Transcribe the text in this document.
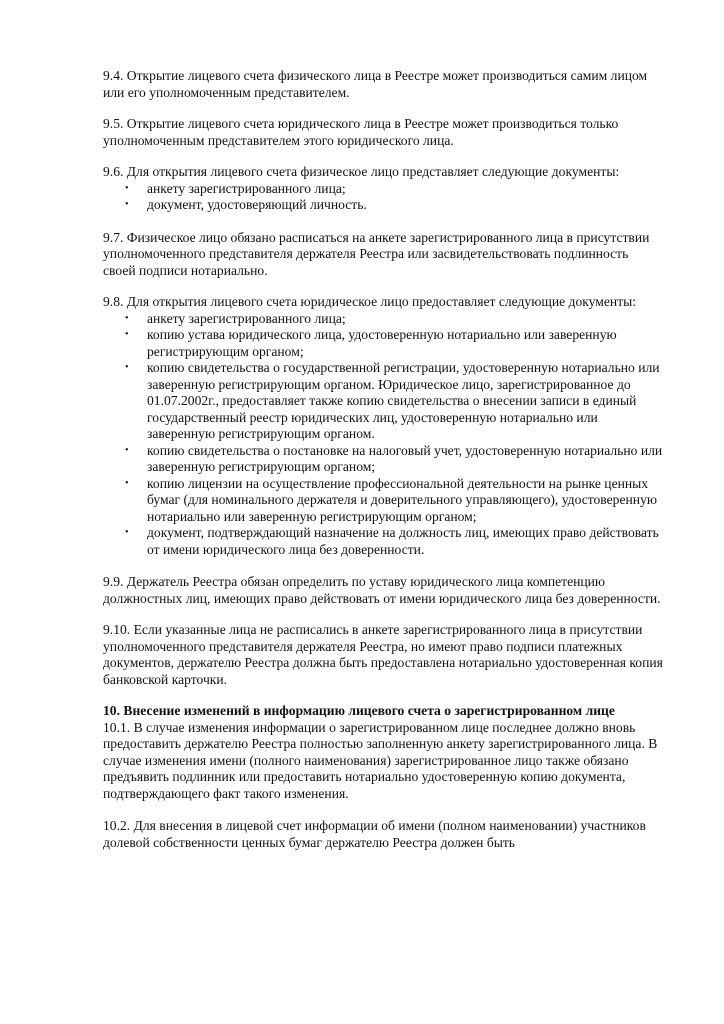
9.4. Открытие лицевого счета физического лица в Реестре может производиться самим лицом или его уполномоченным представителем.

9.5. Открытие лицевого счета юридического лица в Реестре может производиться только уполномоченным представителем этого юридического лица.

9.6. Для открытия лицевого счета физическое лицо представляет следующие документы:
• анкету зарегистрированного лица;
• документ, удостоверяющий личность.

9.7. Физическое лицо обязано расписаться на анкете зарегистрированного лица в присутствии уполномоченного представителя держателя Реестра или засвидетельствовать подлинность своей подписи нотариально.

9.8. Для открытия лицевого счета юридическое лицо предоставляет следующие документы:
• анкету зарегистрированного лица;
• копию устава юридического лица, удостоверенную нотариально или заверенную регистрирующим органом;
• копию свидетельства о государственной регистрации, удостоверенную нотариально или заверенную регистрирующим органом. Юридическое лицо, зарегистрированное до 01.07.2002г., предоставляет также копию свидетельства о внесении записи в единый государственный реестр юридических лиц, удостоверенную нотариально или заверенную регистрирующим органом.
• копию свидетельства о постановке на налоговый учет, удостоверенную нотариально или заверенную регистрирующим органом;
• копию лицензии на осуществление профессиональной деятельности на рынке ценных бумаг (для номинального держателя и доверительного управляющего), удостоверенную нотариально или заверенную регистрирующим органом;
• документ, подтверждающий назначение на должность лиц, имеющих право действовать от имени юридического лица без доверенности.

9.9. Держатель Реестра обязан определить по уставу юридического лица компетенцию должностных лиц, имеющих право действовать от имени юридического лица без доверенности.

9.10. Если указанные лица не расписались в анкете зарегистрированного лица в присутствии уполномоченного представителя держателя Реестра, но имеют право подписи платежных документов, держателю Реестра должна быть предоставлена нотариально удостоверенная копия банковской карточки.

10. Внесение изменений в информацию лицевого счета о зарегистрированном лице
10.1. В случае изменения информации о зарегистрированном лице последнее должно вновь предоставить держателю Реестра полностью заполненную анкету зарегистрированного лица. В случае изменения имени (полного наименования) зарегистрированное лицо также обязано предъявить подлинник или предоставить нотариально удостоверенную копию документа, подтверждающего факт такого изменения.

10.2. Для внесения в лицевой счет информации об имени (полном наименовании) участников долевой собственности ценных бумаг держателю Реестра должен быть
